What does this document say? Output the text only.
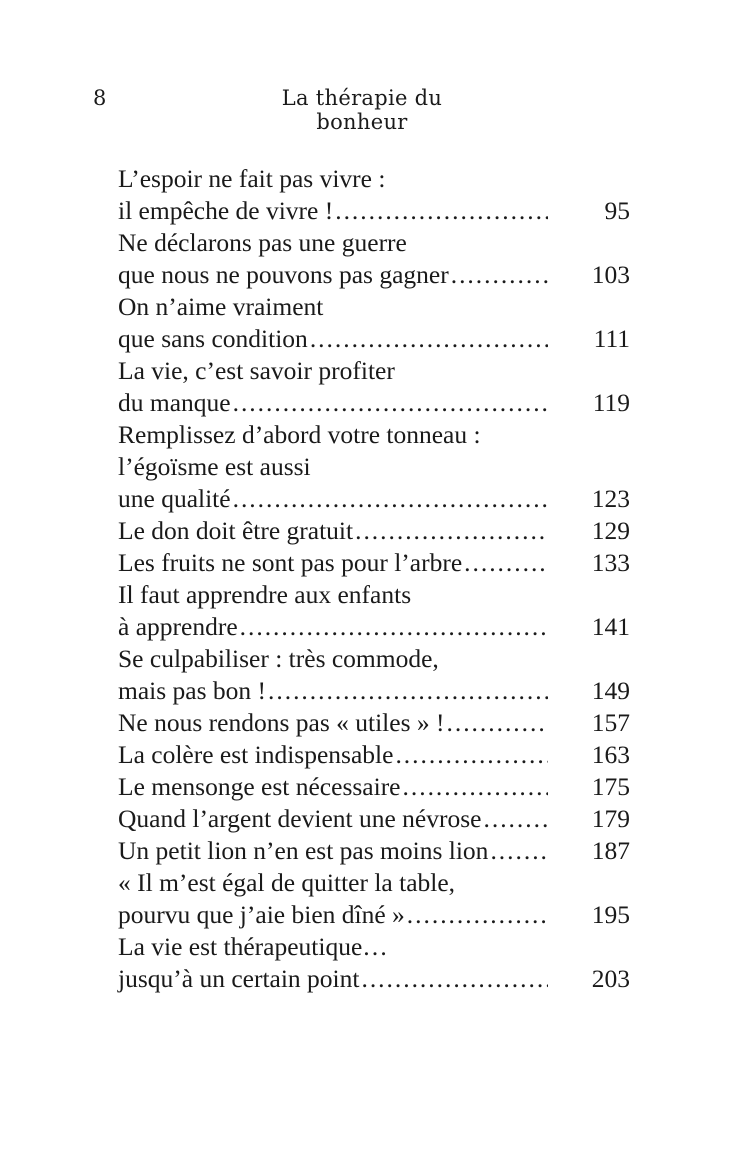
8	La thérapie du bonheur
L’espoir ne fait pas vivre :
il empêche de vivre ! . . .	95
Ne déclarons pas une guerre
que nous ne pouvons pas gagner . . .	103
On n’aime vraiment
que sans condition . . .	111
La vie, c’est savoir profiter
du manque . . .	119
Remplissez d’abord votre tonneau :
l’égoïsme est aussi
une qualité . . .	123
Le don doit être gratuit . . .	129
Les fruits ne sont pas pour l’arbre . . .	133
Il faut apprendre aux enfants
à apprendre . . .	141
Se culpabiliser : très commode,
mais pas bon ! . . .	149
Ne nous rendons pas « utiles » ! . . .	157
La colère est indispensable . . .	163
Le mensonge est nécessaire . . .	175
Quand l’argent devient une névrose . . .	179
Un petit lion n’en est pas moins lion . . .	187
« Il m’est égal de quitter la table,
pourvu que j’aie bien dîné » . . .	195
La vie est thérapeutique…
jusqu’à un certain point . . .	203
